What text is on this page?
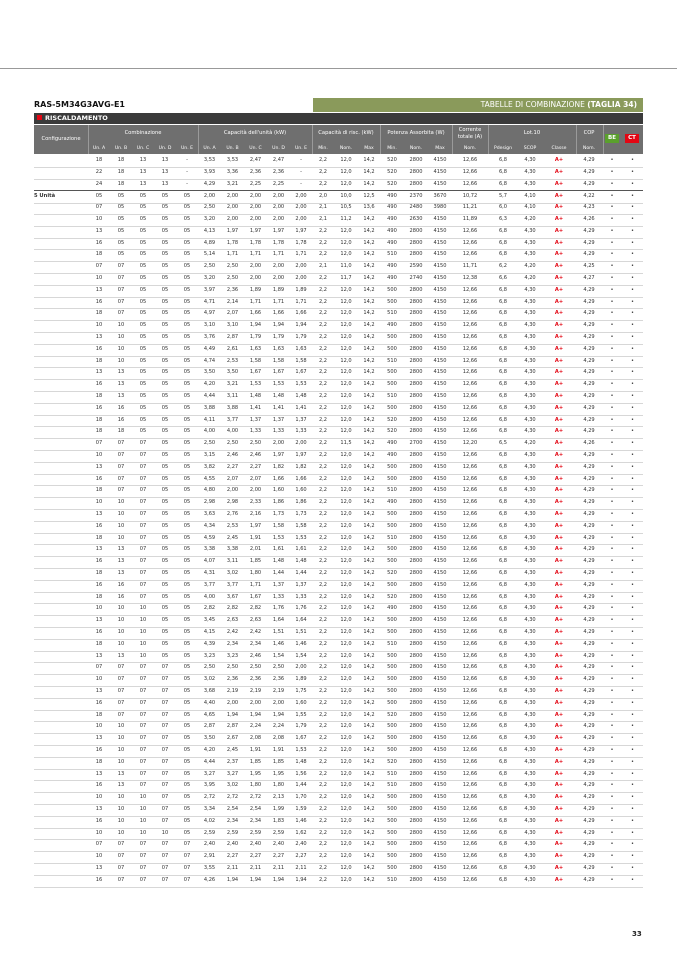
RAS-5M34G3AVG-E1	TABELLE DI COMBINAZIONE (TAGLIA 34)
RISCALDAMENTO
Configurazione
Combinazione	Capacità dell'unità (kW)	Capacità di risc. (kW)	Potenza Assorbita (W)	Corrente totale (A)
Lot.10	COP
BE	CT
Un. A	Un. B	Un. C	Un. D	Un. E	Un. A	Un. B	Un. C	Un. D	Un. E	Min.	Nom.	Max	Min.	Nom.	Max	Nom.	Pdesign	SCOP	Classe	Nom.
18	18	13	13	-	3,53	3,53	2,47	2,47	-	2,2	12,0	14,2	520	2800	4150	12,66	6,8	4,30	A+	4,29	•	•
22	18	13	13	-	3,93	3,36	2,36	2,36	-	2,2	12,0	14,2	520	2800	4150	12,66	6,8	4,30	A+	4,29	•	•
24	18	13	13	-	4,29	3,21	2,25	2,25	-	2,2	12,0	14,2	520	2800	4150	12,66	6,8	4,30	A+	4,29	•	•
5 Unità	05	05	05	05	05	2,00	2,00	2,00	2,00	2,00	2,0	10,0	12,5	490	2370	3670	10,72	5,7	4,10	A+	4,22	•	•
07	05	05	05	05	2,50	2,00	2,00	2,00	2,00	2,1	10,5	13,6	490	2480	3980	11,21	6,0	4,10	A+	4,23	•	•
10	05	05	05	05	3,20	2,00	2,00	2,00	2,00	2,1	11,2	14,2	490	2630	4150	11,89	6,3	4,20	A+	4,26	•	•
13	05	05	05	05	4,13	1,97	1,97	1,97	1,97	2,2	12,0	14,2	490	2800	4150	12,66	6,8	4,30	A+	4,29	•	•
16	05	05	05	05	4,89	1,78	1,78	1,78	1,78	2,2	12,0	14,2	490	2800	4150	12,66	6,8	4,30	A+	4,29	•	•
18	05	05	05	05	5,14	1,71	1,71	1,71	1,71	2,2	12,0	14,2	510	2800	4150	12,66	6,8	4,30	A+	4,29	•	•
07	07	05	05	05	2,50	2,50	2,00	2,00	2,00	2,1	11,0	14,2	490	2590	4150	11,71	6,2	4,20	A+	4,25	•	•
10	07	05	05	05	3,20	2,50	2,00	2,00	2,00	2,2	11,7	14,2	490	2740	4150	12,38	6,6	4,20	A+	4,27	•	•
13	07	05	05	05	3,97	2,36	1,89	1,89	1,89	2,2	12,0	14,2	500	2800	4150	12,66	6,8	4,30	A+	4,29	•	•
16	07	05	05	05	4,71	2,14	1,71	1,71	1,71	2,2	12,0	14,2	500	2800	4150	12,66	6,8	4,30	A+	4,29	•	•
18	07	05	05	05	4,97	2,07	1,66	1,66	1,66	2,2	12,0	14,2	510	2800	4150	12,66	6,8	4,30	A+	4,29	•	•
10	10	05	05	05	3,10	3,10	1,94	1,94	1,94	2,2	12,0	14,2	490	2800	4150	12,66	6,8	4,30	A+	4,29	•	•
13	10	05	05	05	3,76	2,87	1,79	1,79	1,79	2,2	12,0	14,2	500	2800	4150	12,66	6,8	4,30	A+	4,29	•	•
16	10	05	05	05	4,49	2,61	1,63	1,63	1,63	2,2	12,0	14,2	500	2800	4150	12,66	6,8	4,30	A+	4,29	•	•
18	10	05	05	05	4,74	2,53	1,58	1,58	1,58	2,2	12,0	14,2	510	2800	4150	12,66	6,8	4,30	A+	4,29	•	•
13	13	05	05	05	3,50	3,50	1,67	1,67	1,67	2,2	12,0	14,2	500	2800	4150	12,66	6,8	4,30	A+	4,29	•	•
16	13	05	05	05	4,20	3,21	1,53	1,53	1,53	2,2	12,0	14,2	500	2800	4150	12,66	6,8	4,30	A+	4,29	•	•
18	13	05	05	05	4,44	3,11	1,48	1,48	1,48	2,2	12,0	14,2	510	2800	4150	12,66	6,8	4,30	A+	4,29	•	•
16	16	05	05	05	3,88	3,88	1,41	1,41	1,41	2,2	12,0	14,2	500	2800	4150	12,66	6,8	4,30	A+	4,29	•	•
18	16	05	05	05	4,11	3,77	1,37	1,37	1,37	2,2	12,0	14,2	520	2800	4150	12,66	6,8	4,30	A+	4,29	•	•
18	18	05	05	05	4,00	4,00	1,33	1,33	1,33	2,2	12,0	14,2	520	2800	4150	12,66	6,8	4,30	A+	4,29	•	•
07	07	07	05	05	2,50	2,50	2,50	2,00	2,00	2,2	11,5	14,2	490	2700	4150	12,20	6,5	4,20	A+	4,26	•	•
10	07	07	05	05	3,15	2,46	2,46	1,97	1,97	2,2	12,0	14,2	490	2800	4150	12,66	6,8	4,30	A+	4,29	•	•
13	07	07	05	05	3,82	2,27	2,27	1,82	1,82	2,2	12,0	14,2	500	2800	4150	12,66	6,8	4,30	A+	4,29	•	•
16	07	07	05	05	4,55	2,07	2,07	1,66	1,66	2,2	12,0	14,2	500	2800	4150	12,66	6,8	4,30	A+	4,29	•	•
18	07	07	05	05	4,80	2,00	2,00	1,60	1,60	2,2	12,0	14,2	510	2800	4150	12,66	6,8	4,30	A+	4,29	•	•
10	10	07	05	05	2,98	2,98	2,33	1,86	1,86	2,2	12,0	14,2	490	2800	4150	12,66	6,8	4,30	A+	4,29	•	•
13	10	07	05	05	3,63	2,76	2,16	1,73	1,73	2,2	12,0	14,2	500	2800	4150	12,66	6,8	4,30	A+	4,29	•	•
16	10	07	05	05	4,34	2,53	1,97	1,58	1,58	2,2	12,0	14,2	500	2800	4150	12,66	6,8	4,30	A+	4,29	•	•
18	10	07	05	05	4,59	2,45	1,91	1,53	1,53	2,2	12,0	14,2	510	2800	4150	12,66	6,8	4,30	A+	4,29	•	•
13	13	07	05	05	3,38	3,38	2,01	1,61	1,61	2,2	12,0	14,2	500	2800	4150	12,66	6,8	4,30	A+	4,29	•	•
16	13	07	05	05	4,07	3,11	1,85	1,48	1,48	2,2	12,0	14,2	500	2800	4150	12,66	6,8	4,30	A+	4,29	•	•
18	13	07	05	05	4,31	3,02	1,80	1,44	1,44	2,2	12,0	14,2	520	2800	4150	12,66	6,8	4,30	A+	4,29	•	•
16	16	07	05	05	3,77	3,77	1,71	1,37	1,37	2,2	12,0	14,2	500	2800	4150	12,66	6,8	4,30	A+	4,29	•	•
18	16	07	05	05	4,00	3,67	1,67	1,33	1,33	2,2	12,0	14,2	520	2800	4150	12,66	6,8	4,30	A+	4,29	•	•
10	10	10	05	05	2,82	2,82	2,82	1,76	1,76	2,2	12,0	14,2	490	2800	4150	12,66	6,8	4,30	A+	4,29	•	•
13	10	10	05	05	3,45	2,63	2,63	1,64	1,64	2,2	12,0	14,2	500	2800	4150	12,66	6,8	4,30	A+	4,29	•	•
16	10	10	05	05	4,15	2,42	2,42	1,51	1,51	2,2	12,0	14,2	500	2800	4150	12,66	6,8	4,30	A+	4,29	•	•
18	10	10	05	05	4,39	2,34	2,34	1,46	1,46	2,2	12,0	14,2	510	2800	4150	12,66	6,8	4,30	A+	4,29	•	•
13	13	10	05	05	3,23	3,23	2,46	1,54	1,54	2,2	12,0	14,2	500	2800	4150	12,66	6,8	4,30	A+	4,29	•	•
07	07	07	07	05	2,50	2,50	2,50	2,50	2,00	2,2	12,0	14,2	500	2800	4150	12,66	6,8	4,30	A+	4,29	•	•
10	07	07	07	05	3,02	2,36	2,36	2,36	1,89	2,2	12,0	14,2	500	2800	4150	12,66	6,8	4,30	A+	4,29	•	•
13	07	07	07	05	3,68	2,19	2,19	2,19	1,75	2,2	12,0	14,2	500	2800	4150	12,66	6,8	4,30	A+	4,29	•	•
16	07	07	07	05	4,40	2,00	2,00	2,00	1,60	2,2	12,0	14,2	500	2800	4150	12,66	6,8	4,30	A+	4,29	•	•
18	07	07	07	05	4,65	1,94	1,94	1,94	1,55	2,2	12,0	14,2	520	2800	4150	12,66	6,8	4,30	A+	4,29	•	•
10	10	07	07	05	2,87	2,87	2,24	2,24	1,79	2,2	12,0	14,2	500	2800	4150	12,66	6,8	4,30	A+	4,29	•	•
13	10	07	07	05	3,50	2,67	2,08	2,08	1,67	2,2	12,0	14,2	500	2800	4150	12,66	6,8	4,30	A+	4,29	•	•
16	10	07	07	05	4,20	2,45	1,91	1,91	1,53	2,2	12,0	14,2	500	2800	4150	12,66	6,8	4,30	A+	4,29	•	•
18	10	07	07	05	4,44	2,37	1,85	1,85	1,48	2,2	12,0	14,2	520	2800	4150	12,66	6,8	4,30	A+	4,29	•	•
13	13	07	07	05	3,27	3,27	1,95	1,95	1,56	2,2	12,0	14,2	510	2800	4150	12,66	6,8	4,30	A+	4,29	•	•
16	13	07	07	05	3,95	3,02	1,80	1,80	1,44	2,2	12,0	14,2	510	2800	4150	12,66	6,8	4,30	A+	4,29	•	•
10	10	10	07	05	2,72	2,72	2,72	2,13	1,70	2,2	12,0	14,2	500	2800	4150	12,66	6,8	4,30	A+	4,29	•	•
13	10	10	07	05	3,34	2,54	2,54	1,99	1,59	2,2	12,0	14,2	500	2800	4150	12,66	6,8	4,30	A+	4,29	•	•
16	10	10	07	05	4,02	2,34	2,34	1,83	1,46	2,2	12,0	14,2	500	2800	4150	12,66	6,8	4,30	A+	4,29	•	•
10	10	10	10	05	2,59	2,59	2,59	2,59	1,62	2,2	12,0	14,2	500	2800	4150	12,66	6,8	4,30	A+	4,29	•	•
07	07	07	07	07	2,40	2,40	2,40	2,40	2,40	2,2	12,0	14,2	500	2800	4150	12,66	6,8	4,30	A+	4,29	•	•
10	07	07	07	07	2,91	2,27	2,27	2,27	2,27	2,2	12,0	14,2	500	2800	4150	12,66	6,8	4,30	A+	4,29	•	•
13	07	07	07	07	3,55	2,11	2,11	2,11	2,11	2,2	12,0	14,2	500	2800	4150	12,66	6,8	4,30	A+	4,29	•	•
16	07	07	07	07	4,26	1,94	1,94	1,94	1,94	2,2	12,0	14,2	510	2800	4150	12,66	6,8	4,30	A+	4,29	•	•
33
